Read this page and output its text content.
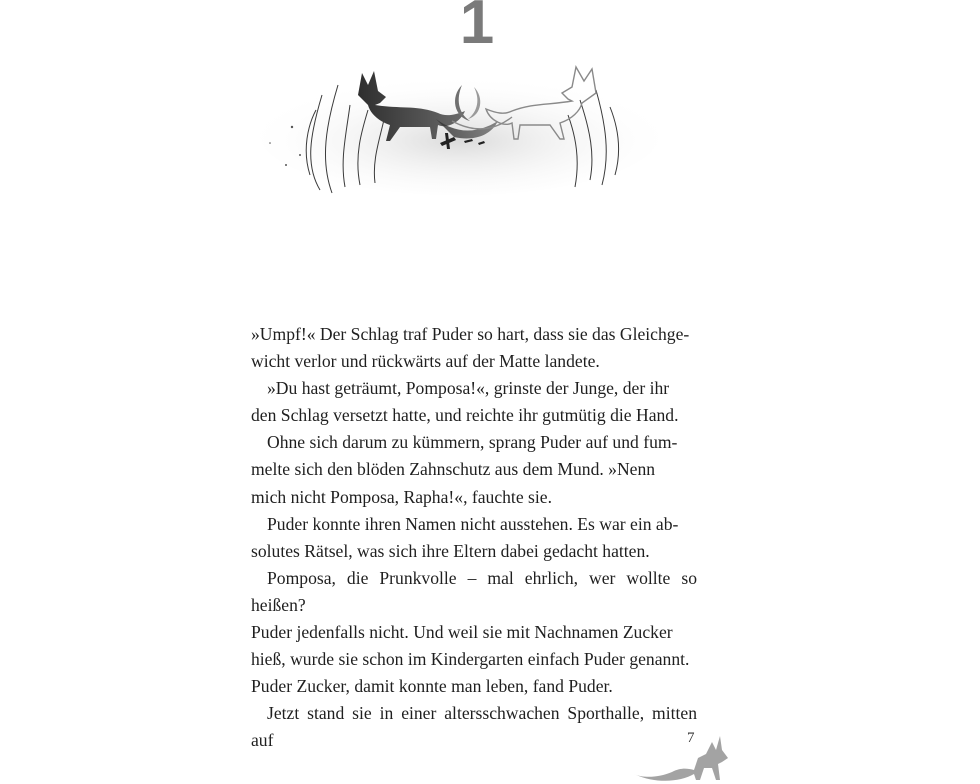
1

»Umpf!« Der Schlag traf Puder so hart, dass sie das Gleichge-

wicht verlor und rückwärts auf der Matte landete.

»Du hast geträumt, Pomposa!«, grinste der Junge, der ihr

den Schlag versetzt hatte, und reichte ihr gutmütig die Hand.

Ohne sich darum zu kümmern, sprang Puder auf und fum-

melte sich den blöden Zahnschutz aus dem Mund. »Nenn

mich nicht Pomposa, Rapha!«, fauchte sie.

Puder konnte ihren Namen nicht ausstehen. Es war ein ab-

solutes Rätsel, was sich ihre Eltern dabei gedacht hatten.

Pomposa, die Prunkvolle – mal ehrlich, wer wollte so heißen?

Puder jedenfalls nicht. Und weil sie mit Nachnamen Zucker

hieß, wurde sie schon im Kindergarten einfach Puder genannt.

Puder Zucker, damit konnte man leben, fand Puder.

Jetzt stand sie in einer altersschwachen Sporthalle, mitten auf	7
